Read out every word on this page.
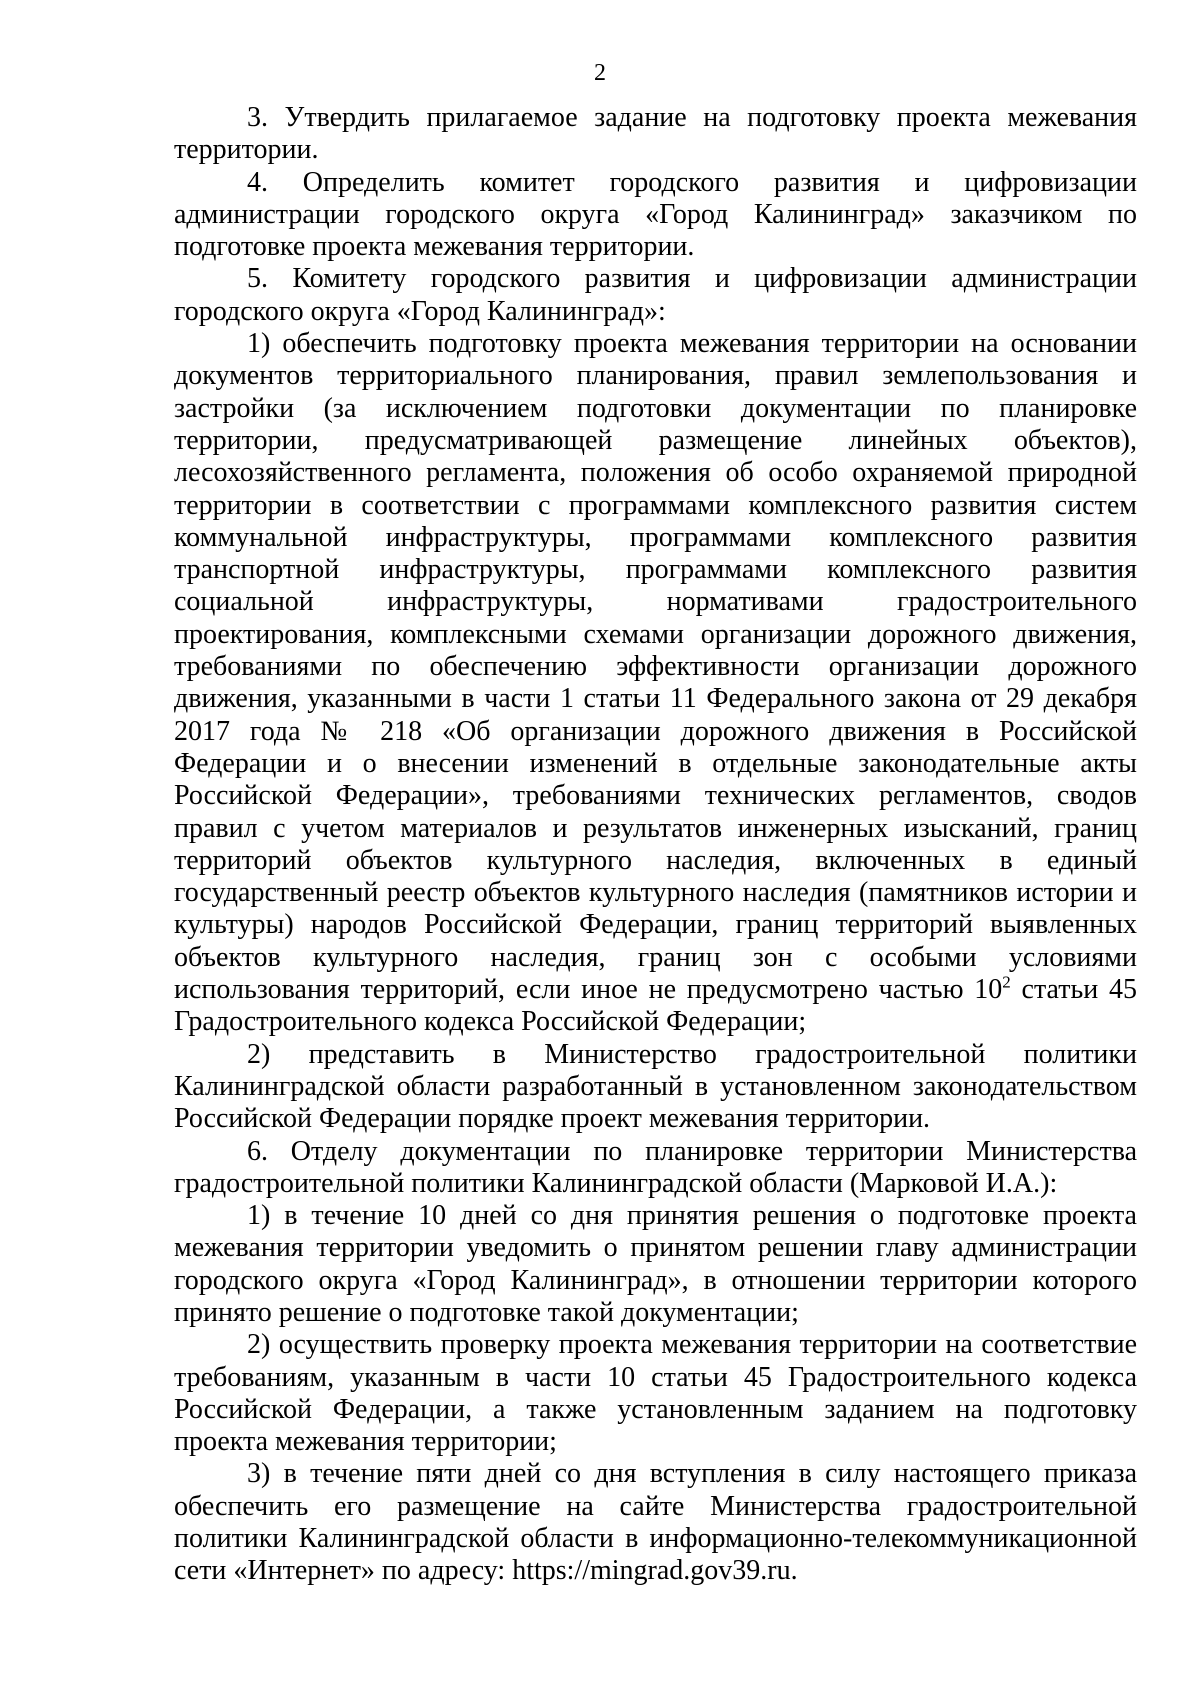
2

3. Утвердить прилагаемое задание на подготовку проекта межевания территории.

4. Определить комитет городского развития и цифровизации администрации городского округа «Город Калининград» заказчиком по подготовке проекта межевания территории.

5. Комитету городского развития и цифровизации администрации городского округа «Город Калининград»:

1) обеспечить подготовку проекта межевания территории на основании документов территориального планирования, правил землепользования и застройки (за исключением подготовки документации по планировке территории, предусматривающей размещение линейных объектов), лесохозяйственного регламента, положения об особо охраняемой природной территории в соответствии с программами комплексного развития систем коммунальной инфраструктуры, программами комплексного развития транспортной инфраструктуры, программами комплексного развития социальной инфраструктуры, нормативами градостроительного проектирования, комплексными схемами организации дорожного движения, требованиями по обеспечению эффективности организации дорожного движения, указанными в части 1 статьи 11 Федерального закона от 29 декабря 2017 года № 218 «Об организации дорожного движения в Российской Федерации и о внесении изменений в отдельные законодательные акты Российской Федерации», требованиями технических регламентов, сводов правил с учетом материалов и результатов инженерных изысканий, границ территорий объектов культурного наследия, включенных в единый государственный реестр объектов культурного наследия (памятников истории и культуры) народов Российской Федерации, границ территорий выявленных объектов культурного наследия, границ зон с особыми условиями использования территорий, если иное не предусмотрено частью $10^2$ статьи 45 Градостроительного кодекса Российской Федерации;

2) представить в Министерство градостроительной политики Калининградской области разработанный в установленном законодательством Российской Федерации порядке проект межевания территории.

6. Отделу документации по планировке территории Министерства градостроительной политики Калининградской области (Марковой И.А.):

1) в течение 10 дней со дня принятия решения о подготовке проекта межевания территории уведомить о принятом решении главу администрации городского округа «Город Калининград», в отношении территории которого принято решение о подготовке такой документации;

2) осуществить проверку проекта межевания территории на соответствие требованиям, указанным в части 10 статьи 45 Градостроительного кодекса Российской Федерации, а также установленным заданием на подготовку проекта межевания территории;

3) в течение пяти дней со дня вступления в силу настоящего приказа обеспечить его размещение на сайте Министерства градостроительной политики Калининградской области в информационно-телекоммуникационной сети «Интернет» по адресу: https://mingrad.gov39.ru.
